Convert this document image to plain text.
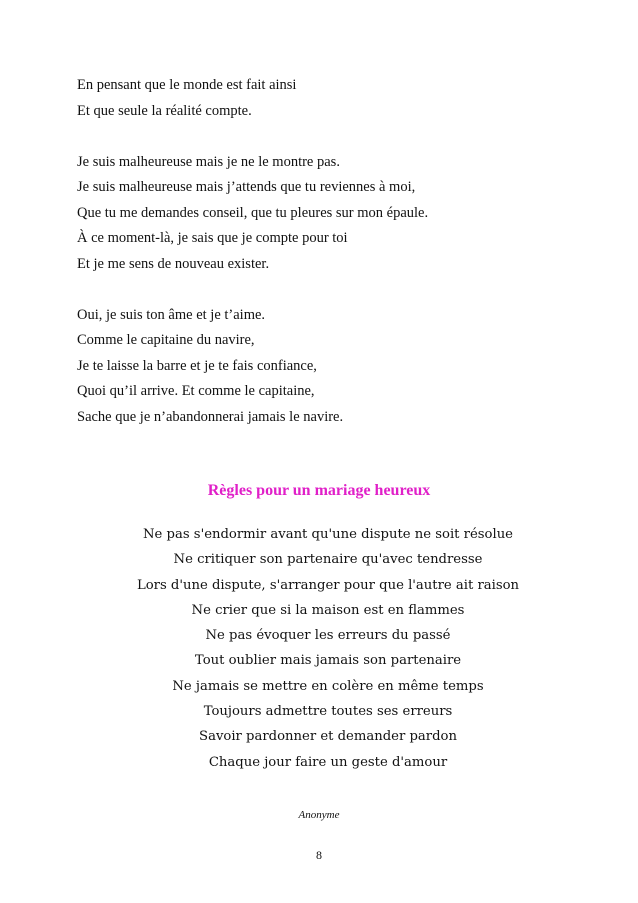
En pensant que le monde est fait ainsi
Et que seule la réalité compte.
Je suis malheureuse mais je ne le montre pas.
Je suis malheureuse mais j’attends que tu reviennes à moi,
Que tu me demandes conseil, que tu pleures sur mon épaule.
À ce moment-là, je sais que je compte pour toi
Et je me sens de nouveau exister.
Oui, je suis ton âme et je t’aime.
Comme le capitaine du navire,
Je te laisse la barre et je te fais confiance,
Quoi qu’il arrive. Et comme le capitaine,
Sache que je n’abandonnerai jamais le navire.
Règles pour un mariage heureux
Ne pas s'endormir avant qu'une dispute ne soit résolue
Ne critiquer son partenaire qu'avec tendresse
Lors d'une dispute, s'arranger pour que l'autre ait raison
Ne crier que si la maison est en flammes
Ne pas évoquer les erreurs du passé
Tout oublier mais jamais son partenaire
Ne jamais se mettre en colère en même temps
Toujours admettre toutes ses erreurs
Savoir pardonner et demander pardon
Chaque jour faire un geste d'amour
Anonyme
8
